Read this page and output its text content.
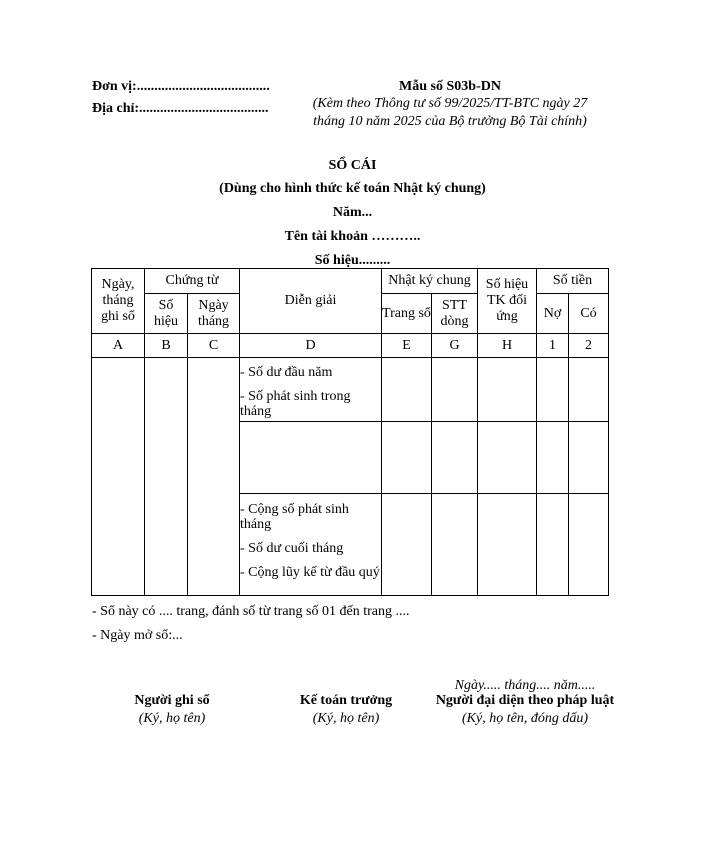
Đơn vị:......................................
Địa chỉ:.....................................
Mẫu số S03b-DN
(Kèm theo Thông tư số 99/2025/TT-BTC ngày 27 tháng 10 năm 2025 của Bộ trưởng Bộ Tài chính)
SỔ CÁI
(Dùng cho hình thức kế toán Nhật ký chung)
Năm...
Tên tài khoản ………..
Số hiệu.........
Ngày, tháng ghi sổ	Chứng từ		Diễn giải	Nhật ký chung		Số hiệu TK đối ứng	Số tiền	
	Số hiệu	Ngày tháng		Trang sổ	STT dòng		Nợ	Có
A	B	C	D	E	G	H	1	2

			- Số dư đầu năm
- Số phát sinh trong tháng					

			- Cộng số phát sinh tháng
- Số dư cuối tháng
- Cộng lũy kế từ đầu quý					

- Sổ này có .... trang, đánh số từ trang số 01 đến trang ....
- Ngày mở sổ:...
Người ghi sổ
(Ký, họ tên)
Kế toán trưởng
(Ký, họ tên)
Ngày..... tháng.... năm.....
Người đại diện theo pháp luật
(Ký, họ tên, đóng dấu)
